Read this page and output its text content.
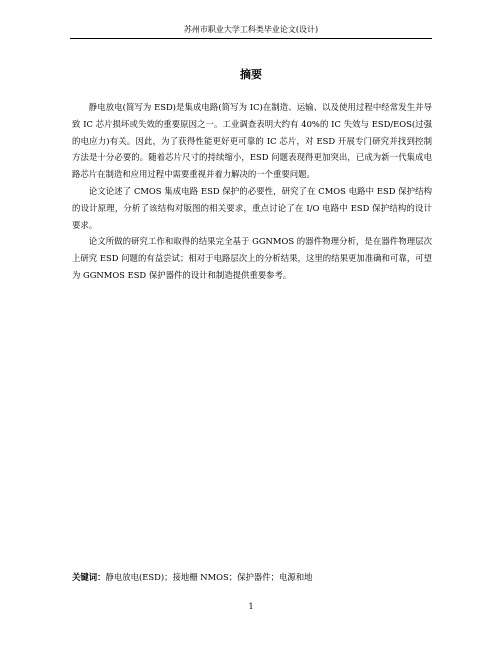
苏州市职业大学工科类毕业论文(设计)
摘要

静电放电(简写为 ESD)是集成电路(简写为 IC)在制造、运输、以及使用过程中经常发生并导致 IC 芯片损坏或失效的重要原因之一。工业调查表明大约有 40%的 IC 失效与 ESD/EOS(过强的电应力)有关。因此，为了获得性能更好更可靠的 IC 芯片，对 ESD 开展专门研究并找到控制方法是十分必要的。随着芯片尺寸的持续缩小，ESD 问题表现得更加突出，已成为新一代集成电路芯片在制造和应用过程中需要重视并着力解决的一个重要问题。

论文论述了 CMOS 集成电路 ESD 保护的必要性，研究了在 CMOS 电路中 ESD 保护结构的设计原理，分析了该结构对版图的相关要求，重点讨论了在 I/O 电路中 ESD 保护结构的设计要求。

论文所做的研究工作和取得的结果完全基于 GGNMOS 的器件物理分析，是在器件物理层次上研究 ESD 问题的有益尝试；相对于电路层次上的分析结果，这里的结果更加准确和可靠，可望为 GGNMOS ESD 保护器件的设计和制造提供重要参考。

关键词：静电放电(ESD)；接地栅 NMOS；保护器件；电源和地
1
